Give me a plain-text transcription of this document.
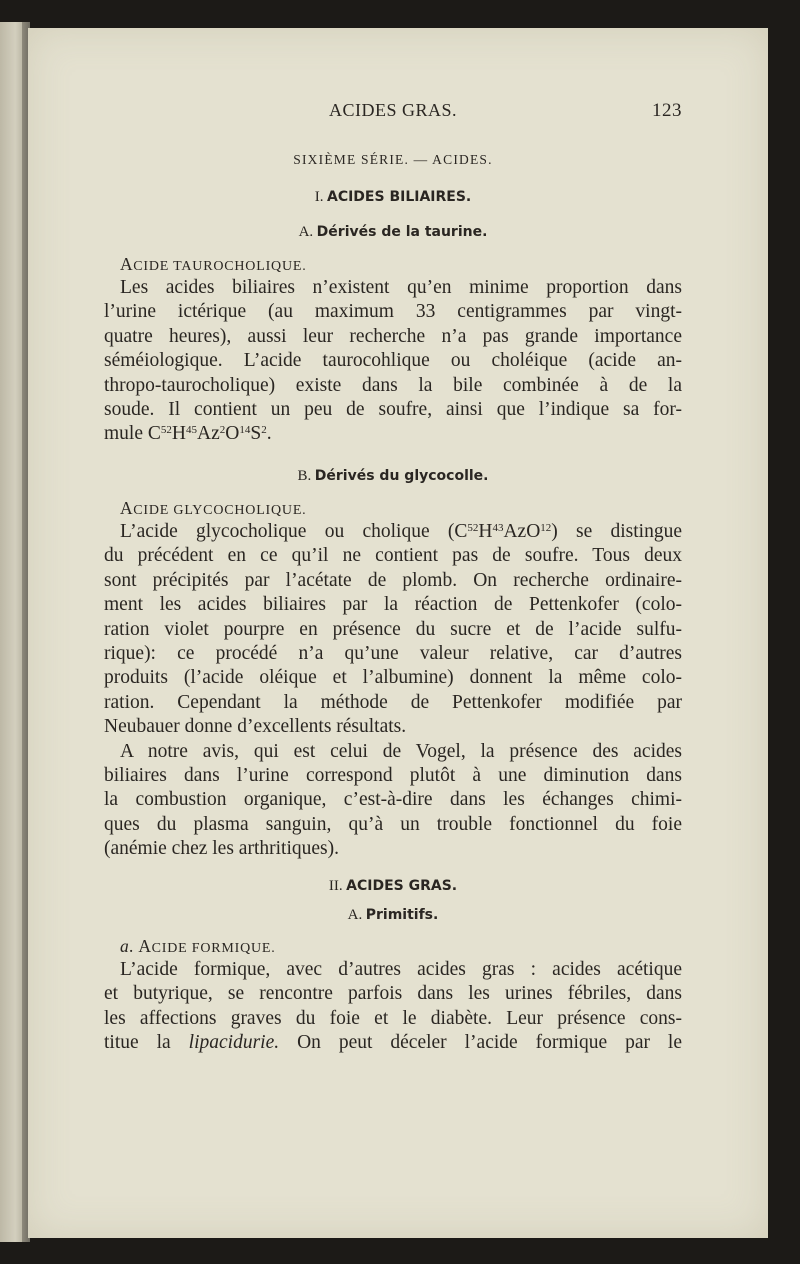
ACIDES GRAS.	123
SIXIÈME SÉRIE. — ACIDES.
I. ACIDES BILIAIRES.
A. Dérivés de la taurine.
ACIDE TAUROCHOLIQUE.
Les acides biliaires n’existent qu’en minime proportion dans
l’urine ictérique (au maximum 33 centigrammes par vingt-
quatre heures), aussi leur recherche n’a pas grande importance
séméiologique. L’acide taurocohlique ou choléique (acide an-
thropo-taurocholique) existe dans la bile combinée à de la
soude. Il contient un peu de soufre, ainsi que l’indique sa for-
mule $C^{52}H^{45}Az^2O^{14}S^2$.
B. Dérivés du glycocolle.
ACIDE GLYCOCHOLIQUE.
L’acide glycocholique ou cholique $(C^{52}H^{43}AzO^{12})$ se distingue
du précédent en ce qu’il ne contient pas de soufre. Tous deux
sont précipités par l’acétate de plomb. On recherche ordinaire-
ment les acides biliaires par la réaction de Pettenkofer (colo-
ration violet pourpre en présence du sucre et de l’acide sulfu-
rique): ce procédé n’a qu’une valeur relative, car d’autres
produits (l’acide oléique et l’albumine) donnent la même colo-
ration. Cependant la méthode de Pettenkofer modifiée par
Neubauer donne d’excellents résultats.
A notre avis, qui est celui de Vogel, la présence des acides
biliaires dans l’urine correspond plutôt à une diminution dans
la combustion organique, c’est-à-dire dans les échanges chimi-
ques du plasma sanguin, qu’à un trouble fonctionnel du foie
(anémie chez les arthritiques).
II. ACIDES GRAS.
A. Primitifs.
a. ACIDE FORMIQUE.
L’acide formique, avec d’autres acides gras : acides acétique
et butyrique, se rencontre parfois dans les urines fébriles, dans
les affections graves du foie et le diabète. Leur présence cons-
titue la lipacidurie. On peut déceler l’acide formique par le
